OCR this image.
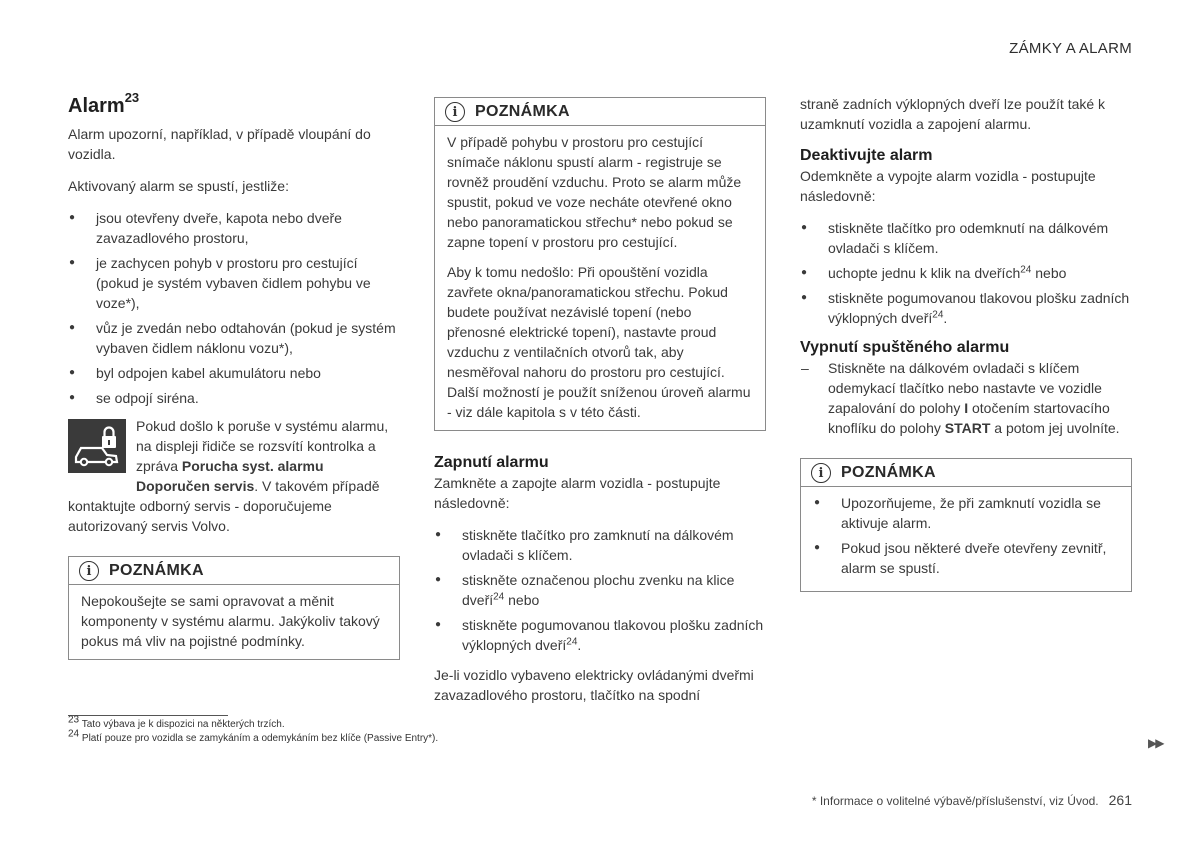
ZÁMKY A ALARM
Alarm$^{23}$

Alarm upozorní, například, v případě vloupání do vozidla.

Aktivovaný alarm se spustí, jestliže:

● jsou otevřeny dveře, kapota nebo dveře zavazadlového prostoru,
● je zachycen pohyb v prostoru pro cestující (pokud je systém vybaven čidlem pohybu ve voze*),
● vůz je zvedán nebo odtahován (pokud je systém vybaven čidlem náklonu vozu*),
● byl odpojen kabel akumulátoru nebo
● se odpojí siréna.
Pokud došlo k poruše v systému alarmu, na displeji řidiče se rozsvítí kontrolka a zpráva Porucha syst. alarmu Doporučen servis. V takovém případě kontaktujte odborný servis - doporučujeme autorizovaný servis Volvo.
i	POZNÁMKA

Nepokoušejte se sami opravovat a měnit komponenty v systému alarmu. Jakýkoliv takový pokus má vliv na pojistné podmínky.

i	POZNÁMKA

V případě pohybu v prostoru pro cestující snímače náklonu spustí alarm - registruje se rovněž proudění vzduchu. Proto se alarm může spustit, pokud ve voze necháte otevřené okno nebo panoramatickou střechu* nebo pokud se zapne topení v prostoru pro cestující.

Aby k tomu nedošlo: Při opouštění vozidla zavřete okna/panoramatickou střechu. Pokud budete používat nezávislé topení (nebo přenosné elektrické topení), nastavte proud vzduchu z ventilačních otvorů tak, aby nesměřoval nahoru do prostoru pro cestující. Další možností je použít sníženou úroveň alarmu - viz dále kapitola s v této části.

Zapnutí alarmu

Zamkněte a zapojte alarm vozidla - postupujte následovně:

● stiskněte tlačítko pro zamknutí na dálkovém ovladači s klíčem.
● stiskněte označenou plochu zvenku na klice dveří$^{24}$ nebo
● stiskněte pogumovanou tlakovou plošku zadních výklopných dveří$^{24}$.

Je-li vozidlo vybaveno elektricky ovládanými dveřmi zavazadlového prostoru, tlačítko na spodní

straně zadních výklopných dveří lze použít také k uzamknutí vozidla a zapojení alarmu.

Deaktivujte alarm

Odemkněte a vypojte alarm vozidla - postupujte následovně:

● stiskněte tlačítko pro odemknutí na dálkovém ovladači s klíčem.
● uchopte jednu k klik na dveřích$^{24}$ nebo
● stiskněte pogumovanou tlakovou plošku zadních výklopných dveří$^{24}$.
Vypnutí spuštěného alarmu
– Stiskněte na dálkovém ovladači s klíčem odemykací tlačítko nebo nastavte ve vozidle zapalování do polohy I otočením startovacího knoflíku do polohy START a potom jej uvolníte.
i	POZNÁMKA
● Upozorňujeme, že při zamknutí vozidla se aktivuje alarm.
● Pokud jsou některé dveře otevřeny zevnitř, alarm se spustí.
$^{23}$ Tato výbava je k dispozici na některých trzích.
$^{24}$ Platí pouze pro vozidla se zamykáním a odemykáním bez klíče (Passive Entry*).	▶▶
* Informace o volitelné výbavě/příslušenství, viz Úvod. 261
